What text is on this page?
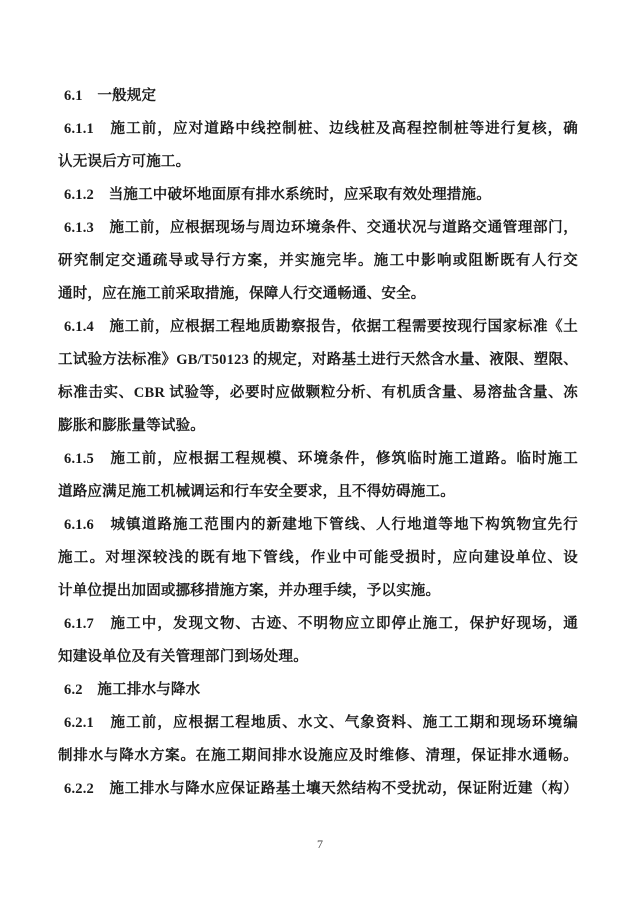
6.1　一般规定
6.1.1　施工前，应对道路中线控制桩、边线桩及高程控制桩等进行复核，确
认无误后方可施工。
6.1.2　当施工中破坏地面原有排水系统时，应采取有效处理措施。
6.1.3　施工前，应根据现场与周边环境条件、交通状况与道路交通管理部门，
研究制定交通疏导或导行方案，并实施完毕。施工中影响或阻断既有人行交
通时，应在施工前采取措施，保障人行交通畅通、安全。
6.1.4　施工前，应根据工程地质勘察报告，依据工程需要按现行国家标准《土
工试验方法标准》GB/T50123 的规定，对路基土进行天然含水量、液限、塑限、
标准击实、CBR 试验等，必要时应做颗粒分析、有机质含量、易溶盐含量、冻
膨胀和膨胀量等试验。
6.1.5　施工前，应根据工程规模、环境条件，修筑临时施工道路。临时施工
道路应满足施工机械调运和行车安全要求，且不得妨碍施工。
6.1.6　城镇道路施工范围内的新建地下管线、人行地道等地下构筑物宜先行
施工。对埋深较浅的既有地下管线，作业中可能受损时，应向建设单位、设
计单位提出加固或挪移措施方案，并办理手续，予以实施。
6.1.7　施工中，发现文物、古迹、不明物应立即停止施工，保护好现场，通
知建设单位及有关管理部门到场处理。
6.2　施工排水与降水
6.2.1　施工前，应根据工程地质、水文、气象资料、施工工期和现场环境编
制排水与降水方案。在施工期间排水设施应及时维修、清理，保证排水通畅。
6.2.2　施工排水与降水应保证路基土壤天然结构不受扰动，保证附近建（构）
7
